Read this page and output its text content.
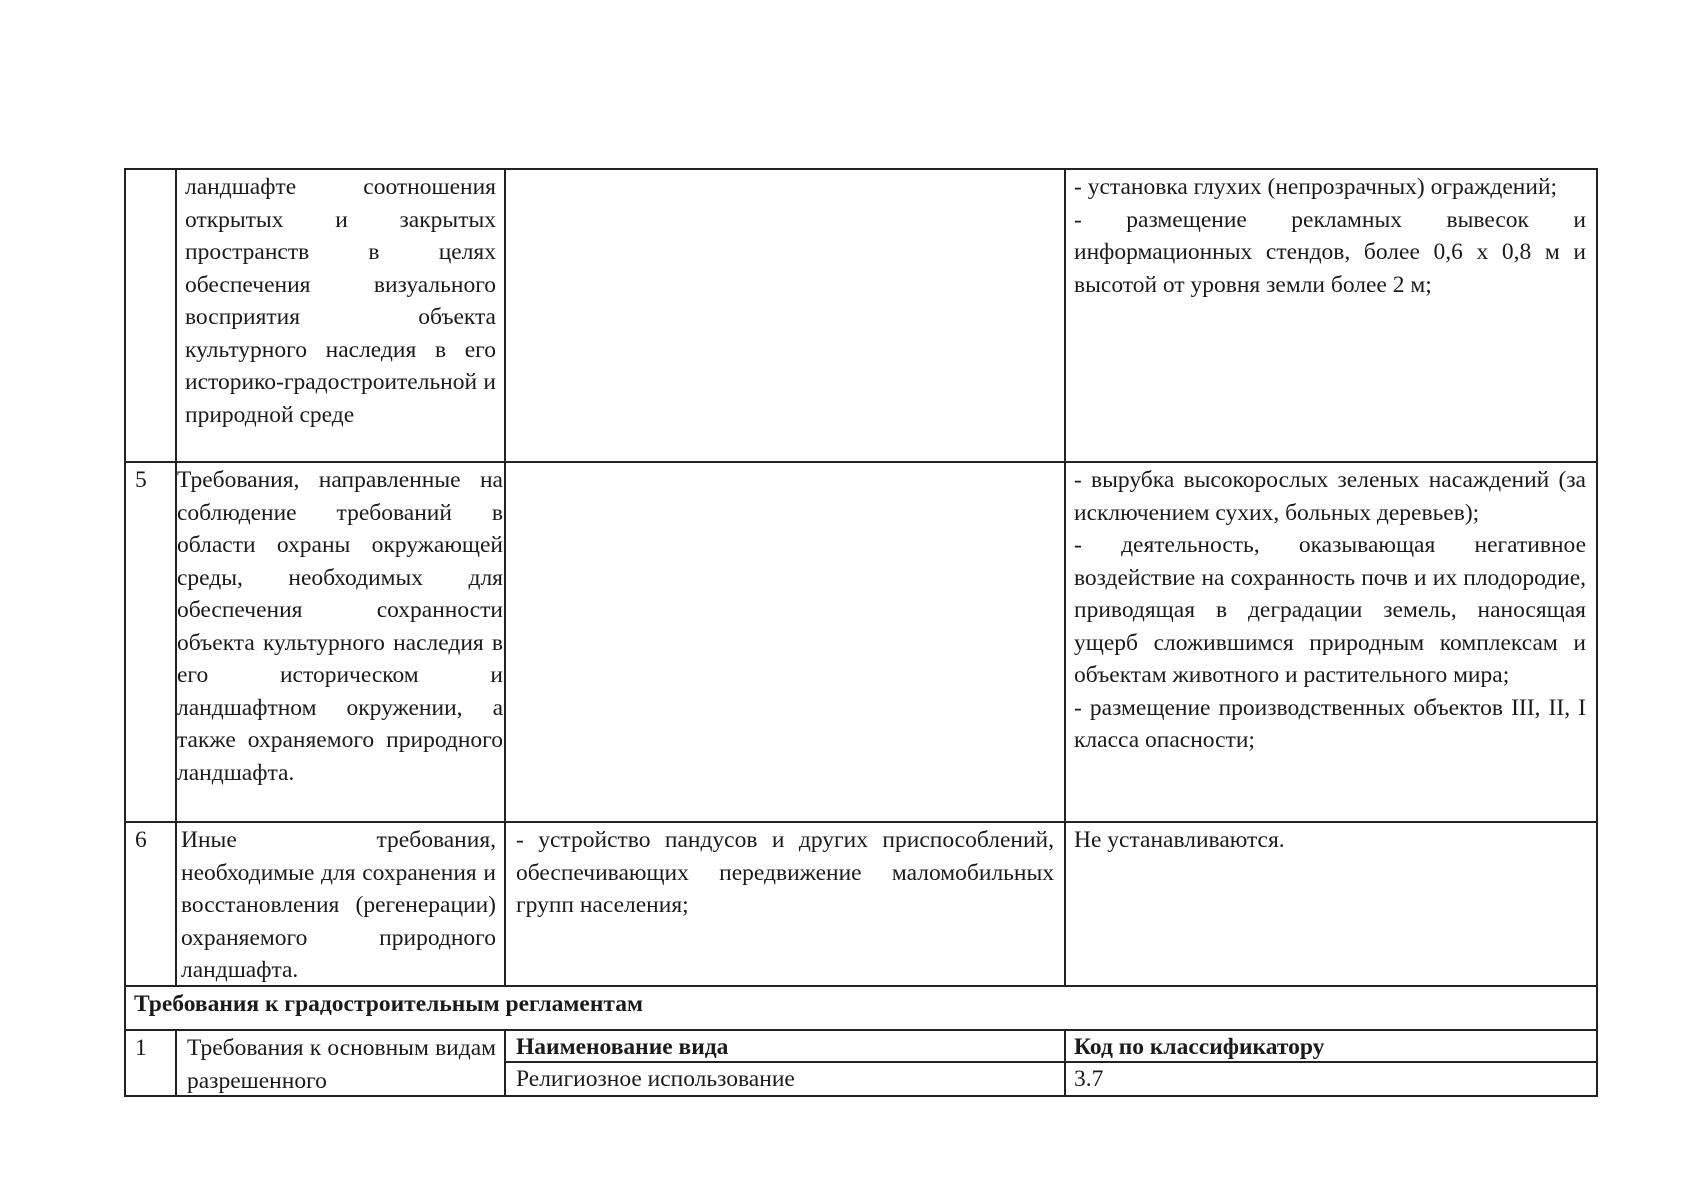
ландшафте соотношения открытых и закрытых пространств в целях обеспечения визуального восприятия объекта культурного наследия в его историко-градостроительной и природной среде
- установка глухих (непрозрачных) ограждений;
- размещение рекламных вывесок и информационных стендов, более 0,6 x 0,8 м и высотой от уровня земли более 2 м;
5 Требования, направленные на соблюдение требований в области охраны окружающей среды, необходимых для обеспечения сохранности объекта культурного наследия в его историческом и ландшафтном окружении, а также охраняемого природного ландшафта.
- вырубка высокорослых зеленых насаждений (за исключением сухих, больных деревьев);
- деятельность, оказывающая негативное воздействие на сохранность почв и их плодородие, приводящая в деградации земель, наносящая ущерб сложившимся природным комплексам и объектам животного и растительного мира;
- размещение производственных объектов III, II, I класса опасности;
6 Иные требования, необходимые для сохранения и восстановления (регенерации) охраняемого природного ландшафта.
- устройство пандусов и других приспособлений, обеспечивающих передвижение маломобильных групп населения;
Не устанавливаются.
Требования к градостроительным регламентам
1 Требования к основным видам разрешенного
Наименование вида	Код по классификатору
Религиозное использование	3.7
